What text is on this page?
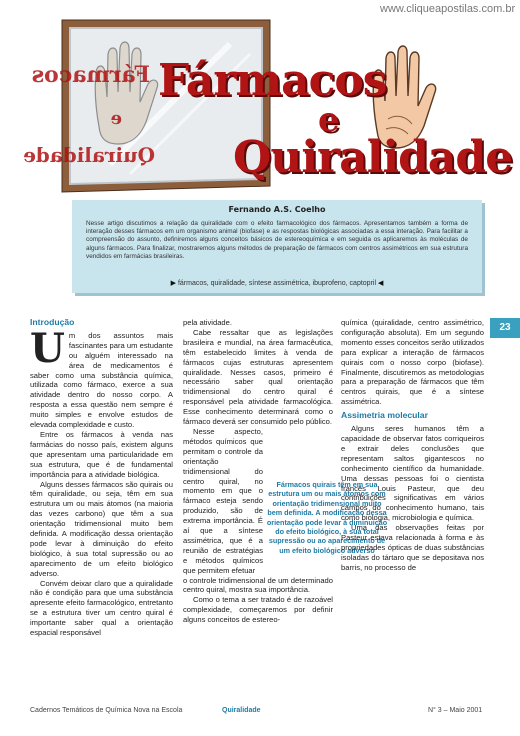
www.cliqueapostilas.com.br
Fármacos
e
Quiralidade
Fármacos
e
Quiralidade
Fernando A.S. Coelho
Nesse artigo discutimos a relação da quiralidade com o efeito farmacológico dos fármacos. Apresentamos também a forma de interação desses fármacos em um organismo animal (biofase) e as respostas biológicas associadas a essa interação. Para facilitar a compreensão do assunto, definiremos alguns conceitos básicos de estereoquímica e em seguida os aplicaremos às moléculas de alguns fármacos. Para finalizar, mostraremos alguns métodos de preparação de fármacos com centros assimétricos em sua estrutura vendidos em farmácias brasileiras.
▶ fármacos, quiralidade, síntese assimétrica, ibuprofeno, captopril ◀
23
Introdução
U m dos assuntos mais fascinantes para um estudante ou alguém interessado na área de medicamentos é saber como uma substância química, utilizada como fármaco, exerce a sua atividade dentro do nosso corpo. A resposta a essa questão nem sempre é muito simples e envolve estudos de elevada complexidade e custo.

Entre os fármacos à venda nas farmácias do nosso país, existem alguns que apresentam uma particularidade em sua estrutura, que é de fundamental importância para a atividade biológica.

Alguns desses fármacos são quirais ou têm quiralidade, ou seja, têm em sua estrutura um ou mais átomos (na maioria das vezes carbono) que têm a sua orientação tridimensional muito bem definida. A modificação dessa orientação pode levar à diminuição do efeito biológico, à sua total supressão ou ao aparecimento de um efeito biológico adverso.

Convém deixar claro que a quiralidade não é condição para que uma substância apresente efeito farmacológico, entretanto se a estrutura tiver um centro quiral é importante saber qual a orientação espacial responsável

pela atividade.

Cabe ressaltar que as legislações brasileira e mundial, na área farmacêutica, têm estabelecido limites à venda de fármacos cujas estruturas apresentem quiralidade. Nesses casos, primeiro é necessário saber qual orientação tridimensional do centro quiral é responsável pela atividade farmacológica. Esse conhecimento determinará como o fármaco deverá ser consumido pelo público.

Nesse aspecto, métodos químicos que permitam o controle da orientação tridimensional do centro quiral, no momento em que o fármaco esteja sendo produzido, são de extrema importância. É aí que a síntese assimétrica, que é a reunião de estratégias e métodos químicos que permitem efetuar

o controle tridimensional de um determinado centro quiral, mostra sua importância.

Como o tema a ser tratado é de razoável complexidade, começaremos por definir alguns conceitos de estereo-

Fármacos quirais têm em sua estrutura um ou mais átomos com orientação tridimensional muito bem definida. A modificação dessa orientação pode levar à diminuição do efeito biológico, à sua total supressão ou ao aparecimento de um efeito biológico adverso

química (quiralidade, centro assimétrico, configuração absoluta). Em um segundo momento esses conceitos serão utilizados para explicar a interação de fármacos quirais com o nosso corpo (biofase). Finalmente, discutiremos as metodologias para a preparação de fármacos que têm centros quirais, que é a síntese assimétrica.

Assimetria molecular

Alguns seres humanos têm a capacidade de observar fatos corriqueiros e extrair deles conclusões que representam saltos gigantescos no conhecimento científico da humanidade. Uma dessas pessoas foi o cientista francês Louis Pasteur, que deu contribuições significativas em vários campos do conhecimento humano, tais como biologia, microbiologia e química.

Uma das observações feitas por Pasteur estava relacionada à forma e às propriedades ópticas de duas substâncias isoladas do tártaro que se depositava nos barris, no processo de

Cadernos Temáticos de Química Nova na Escola	Quiralidade	N° 3 – Maio 2001
